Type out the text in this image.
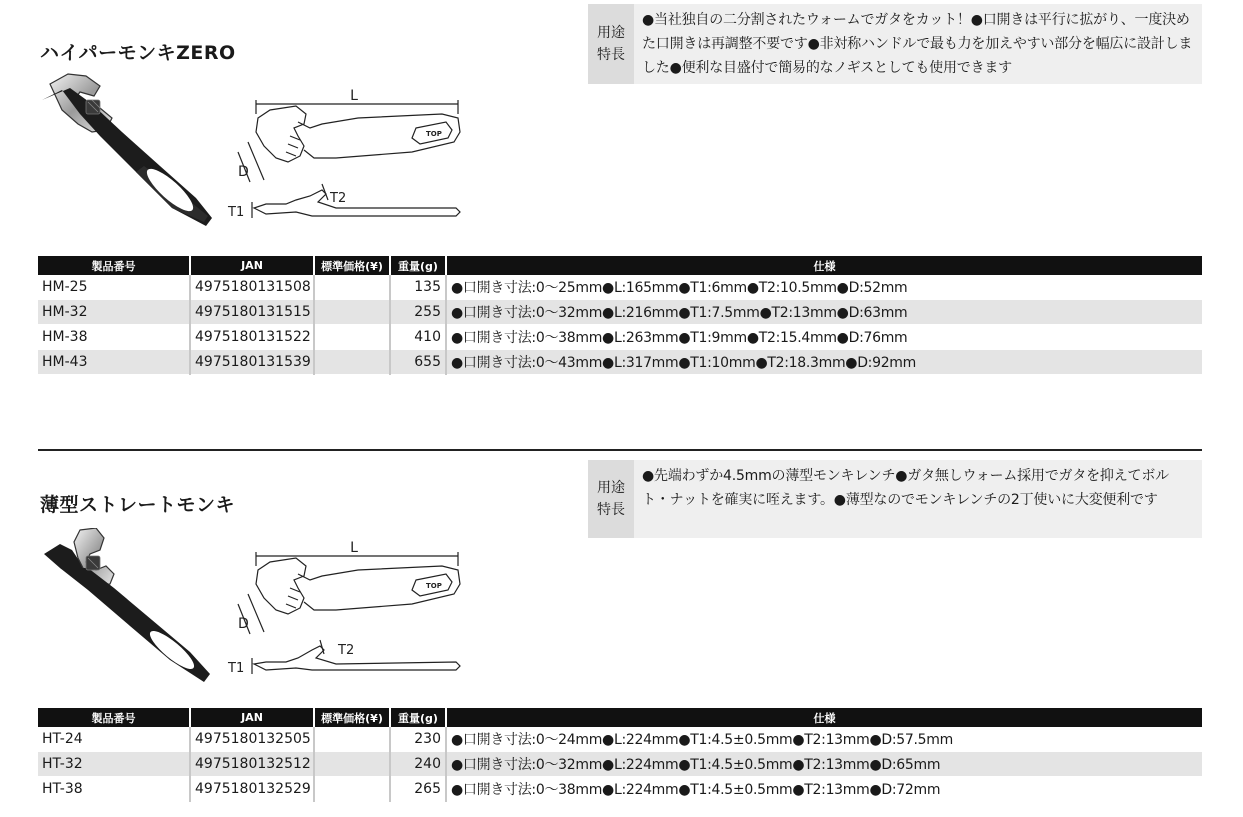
ハイパーモンキZERO
用途
特長
●当社独自の二分割されたウォームでガタをカット！●口開きは平行に拡がり、一度決めた口開きは再調整不要です●非対称ハンドルで最も力を加えやすい部分を幅広に設計しました●便利な目盛付で簡易的なノギスとしても使用できます
L
D
T1
T2
TOP
製品番号	JAN	標準価格(¥)	重量(g)	仕様
HM-25	4975180131508		135	●口開き寸法:0〜25mm●L:165mm●T1:6mm●T2:10.5mm●D:52mm
HM-32	4975180131515		255	●口開き寸法:0〜32mm●L:216mm●T1:7.5mm●T2:13mm●D:63mm
HM-38	4975180131522		410	●口開き寸法:0〜38mm●L:263mm●T1:9mm●T2:15.4mm●D:76mm
HM-43	4975180131539		655	●口開き寸法:0〜43mm●L:317mm●T1:10mm●T2:18.3mm●D:92mm
薄型ストレートモンキ
用途
特長
●先端わずか4.5mmの薄型モンキレンチ●ガタ無しウォーム採用でガタを抑えてボルト・ナットを確実に咥えます。●薄型なのでモンキレンチの2丁使いに大変便利です
L
D
T1
T2
TOP
製品番号	JAN	標準価格(¥)	重量(g)	仕様
HT-24	4975180132505		230	●口開き寸法:0〜24mm●L:224mm●T1:4.5±0.5mm●T2:13mm●D:57.5mm
HT-32	4975180132512		240	●口開き寸法:0〜32mm●L:224mm●T1:4.5±0.5mm●T2:13mm●D:65mm
HT-38	4975180132529		265	●口開き寸法:0〜38mm●L:224mm●T1:4.5±0.5mm●T2:13mm●D:72mm
